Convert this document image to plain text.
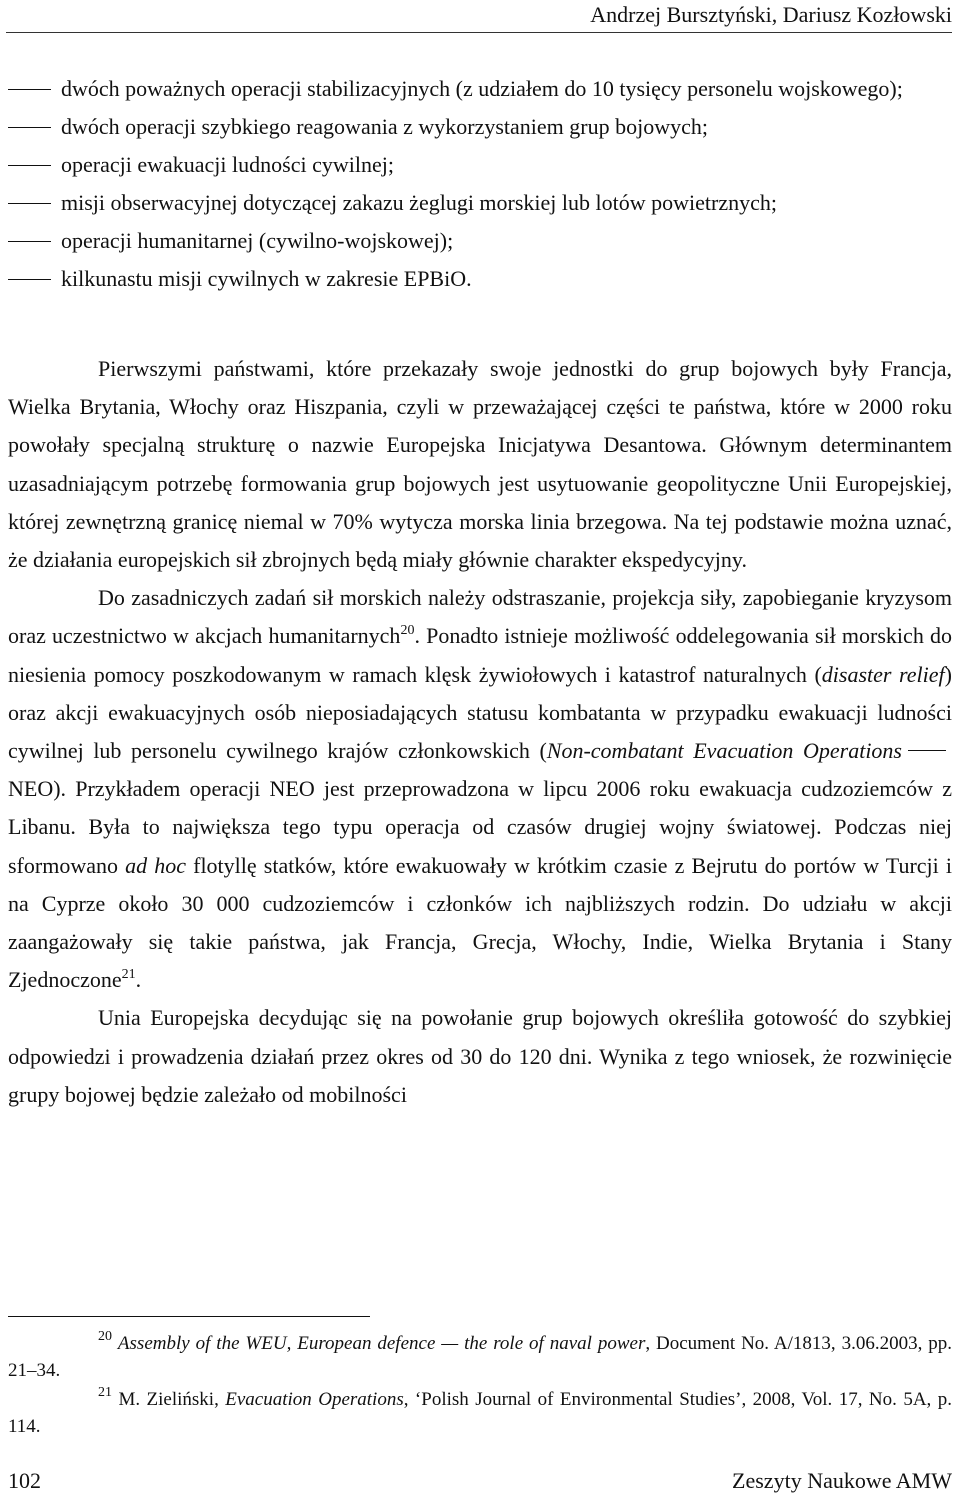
Andrzej Bursztyński, Dariusz Kozłowski
dwóch poważnych operacji stabilizacyjnych (z udziałem do 10 tysięcy personelu wojskowego);
dwóch operacji szybkiego reagowania z wykorzystaniem grup bojowych;
operacji ewakuacji ludności cywilnej;
misji obserwacyjnej dotyczącej zakazu żeglugi morskiej lub lotów powietrznych;
operacji humanitarnej (cywilno-wojskowej);
kilkunastu misji cywilnych w zakresie EPBiO.

Pierwszymi państwami, które przekazały swoje jednostki do grup bojowych były Francja, Wielka Brytania, Włochy oraz Hiszpania, czyli w przeważającej części te państwa, które w 2000 roku powołały specjalną strukturę o nazwie Europejska Inicjatywa Desantowa. Głównym determinantem uzasadniającym potrzebę formowania grup bojowych jest usytuowanie geopolityczne Unii Europejskiej, której zewnętrzną granicę niemal w 70% wytycza morska linia brzegowa. Na tej podstawie można uznać, że działania europejskich sił zbrojnych będą miały głównie charakter ekspedycyjny.

Do zasadniczych zadań sił morskich należy odstraszanie, projekcja siły, zapobieganie kryzysom oraz uczestnictwo w akcjach humanitarnych$^{20}$. Ponadto istnieje możliwość oddelegowania sił morskich do niesienia pomocy poszkodowanym w ramach klęsk żywiołowych i katastrof naturalnych (disaster relief) oraz akcji ewakuacyjnych osób nieposiadających statusu kombatanta w przypadku ewakuacji ludności cywilnej lub personelu cywilnego krajów członkowskich (Non-combatant Evacuation OperationsNEO). Przykładem operacji NEO jest przeprowadzona w lipcu 2006 roku ewakuacja cudzoziemców z Libanu. Była to największa tego typu operacja od czasów drugiej wojny światowej. Podczas niej sformowano ad hoc flotyllę statków, które ewakuowały w krótkim czasie z Bejrutu do portów w Turcji i na Cyprze około 30 000 cudzoziemców i członków ich najbliższych rodzin. Do udziału w akcji zaangażowały się takie państwa, jak Francja, Grecja, Włochy, Indie, Wielka Brytania i Stany Zjednoczone$^{21}$.

Unia Europejska decydując się na powołanie grup bojowych określiła gotowość do szybkiej odpowiedzi i prowadzenia działań przez okres od 30 do 120 dni. Wynika z tego wniosek, że rozwinięcie grupy bojowej będzie zależało od mobilności

$^{20}$ Assembly of the WEU, European defence — the role of naval power, Document No. A/1813, 3.06.2003, pp. 21–34.

$^{21}$ M. Zieliński, Evacuation Operations, ‘Polish Journal of Environmental Studies’, 2008, Vol. 17, No. 5A, p. 114.

102	Zeszyty Naukowe AMW
